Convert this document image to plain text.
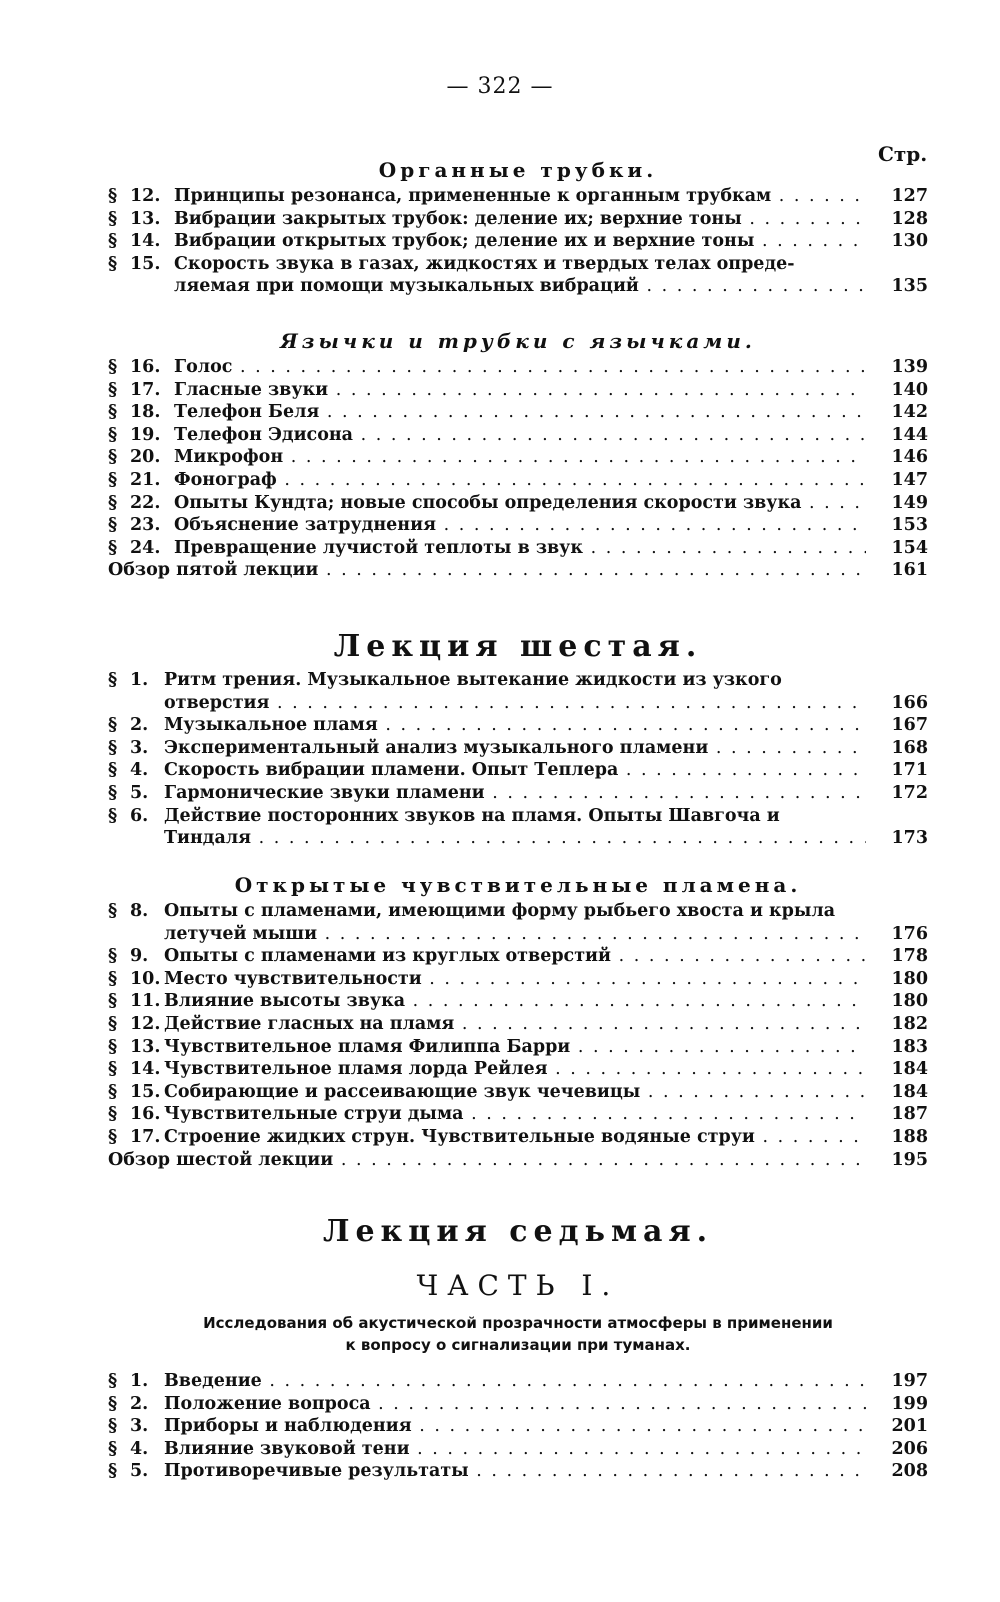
— 322 —
Стр.
Органные трубки.
§ 12. Принципы резонанса, примененные к органным трубкам . . .	127
§ 13. Вибрации закрытых трубок: деление их; верхние тоны . . .	128
§ 14. Вибрации открытых трубок; деление их и верхние тоны . . .	130
§ 15. Скорость звука в газах, жидкостях и твердых телах опреде-
ляемая при помощи музыкальных вибраций . . .	135
Язычки и трубки с язычками.
§ 16. Голос . . .	139
§ 17. Гласные звуки . . .	140
§ 18. Телефон Беля . . .	142
§ 19. Телефон Эдисона . . .	144
§ 20. Микрофон . . .	146
§ 21. Фонограф . . .	147
§ 22. Опыты Кундта; новые способы определения скорости звука . . .	149
§ 23. Объяснение затруднения . . .	153
§ 24. Превращение лучистой теплоты в звук . . .	154
Обзор пятой лекции . . .	161
Лекция шестая.
§ 1. Ритм трения. Музыкальное вытекание жидкости из узкого
отверстия . . .	166
§ 2. Музыкальное пламя . . .	167
§ 3. Экспериментальный анализ музыкального пламени . . .	168
§ 4. Скорость вибрации пламени. Опыт Теплера . . .	171
§ 5. Гармонические звуки пламени . . .	172
§ 6. Действие посторонних звуков на пламя. Опыты Шавгоча и
Тиндаля . . .	173
Открытые чувствительные пламена.
§ 8. Опыты с пламенами, имеющими форму рыбьего хвоста и крыла
летучей мыши . . .	176
§ 9. Опыты с пламенами из круглых отверстий . . .	178
§ 10. Место чувствительности . . .	180
§ 11. Влияние высоты звука . . .	180
§ 12. Действие гласных на пламя . . .	182
§ 13. Чувствительное пламя Филиппа Барри . . .	183
§ 14. Чувствительное пламя лорда Рейлея . . .	184
§ 15. Собирающие и рассеивающие звук чечевицы . . .	184
§ 16. Чувствительные струи дыма . . .	187
§ 17. Строение жидких струн. Чувствительные водяные струи . . .	188
Обзор шестой лекции . . .	195
Лекция седьмая.
ЧАСТЬ I.
Исследования об акустической прозрачности атмосферы в применении
к вопросу о сигнализации при туманах.
§ 1. Введение . . .	197
§ 2. Положение вопроса . . .	199
§ 3. Приборы и наблюдения . . .	201
§ 4. Влияние звуковой тени . . .	206
§ 5. Противоречивые результаты . . .	208
